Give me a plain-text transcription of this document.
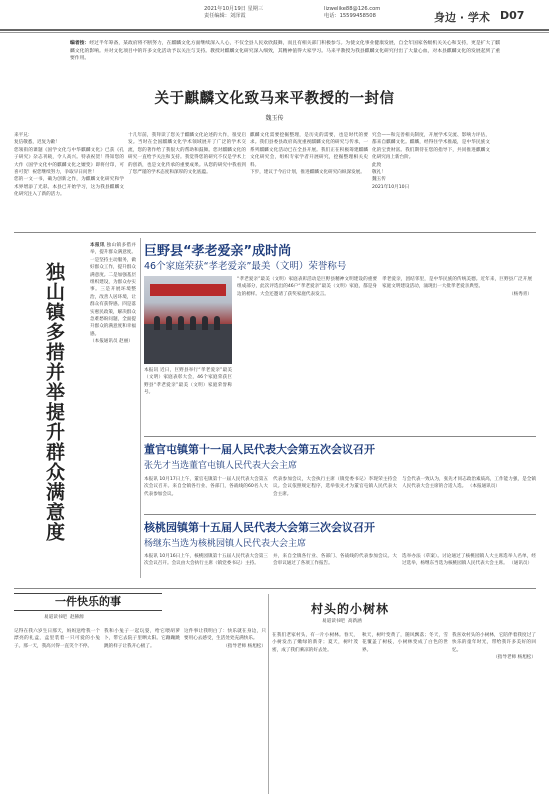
2021年10月19日 星期三
责任编辑：刘泽霞
lizwelike88@126.com
电话：15599458508	身边 · 学术 D07
编者按：经过半年筹备，某政府将不断努力，在麒麟文化方面继续深入人心，不仅全县人民欢欣鼓舞，而且有相关部门积极参与。为使文化事业健康发展，自全年国家各级机关关心和支持，更是扩大了麒麟文化的影响。并对文化项目中的许多文化活动予以关注与支持。教授对麒麟文化研究深入细致，其精神值得大家学习。马来平教授为我县麒麟文化研究付出了大量心血，对本县麒麟文化的发展起到了重要作用。
关于麒麟文化致马来平教授的一封信
魏玉传
来平兄：
复信敬悉，迟复为歉！
您领衔的课题《国学文化与中华麒麟文化》已获《孔子研究》杂志刊载，令人高兴。特表祝贺！得知您的大作《国学文化中的麒麟文化之嬗变》即将付印，可喜可贺！祝您继续努力，争取早日问世！
您的一文一书，确为创新之作，为麒麟文化研究和学术界增添了光彩。本县已开始学习，这为我县麒麟文化研究注入了新的活力。
十几年前，我拜读了您关于麒麟文化论述的大作，很受启发。当时在全国麒麟文化学术领域展开了广泛的学术交流，您的著作给了我很大的帮助和鼓舞。您对麒麟文化的研究一直给予关注和支持。我觉得您的研究不仅是学术上的创新，也是文化传承的重要成果。从您的研究中我看到了您严谨的学术态度和深厚的文化底蕴。
麒麟文化需要挖掘整理，是历史的需要，也是时代的要求。我们县委县政府高度重视麒麟文化的研究与传承，一系列麒麟文化活动已在全县开展。我们正在积极筹建麒麟文化研究会，组织专家学者开展研究，挖掘整理相关史料。
下步，建议于今后计划，推进麒麟文化研究向纵深发展。
究会——和完善相关制度，开展学术交流、影响力评估，都来自麒麟文化。麒麟，经得住学术推敲，是中华民族文化的宝贵财富。我们期待在您的指导下，共同推进麒麟文化研究再上新台阶。
此致
敬礼！
魏玉传
2021年10月10日
独山镇多措并举提升群众满意度
本报讯 独山镇多措并举，提升群众满意度。一是坚持主动服务，做好群众工作，提升群众满意度。二是加强基层组织建设，为群众办实事。三是开展环境整治，改善人居环境，让群众有获得感。四是落实惠民政策，解决群众急难愁盼问题，全面提升群众的满意度和幸福感。
（本报通讯员 赵丽）
巨野县“孝老爱亲”成时尚
46个家庭荣获“孝老爱亲”最美（文明）荣誉称号
本报讯 近日，巨野县举行“孝老爱亲”最美（文明）家庭表彰大会，46个家庭荣获巨野县“孝老爱亲”最美（文明）家庭荣誉称号。
“孝老爱亲”最美（文明）家庭表彰活动是巨野县精神文明建设的重要组成部分，此次评选出的46户“孝老爱亲”最美（文明）家庭，都是身边的榜样。大会还邀请了获奖家庭代表发言。
孝老爱亲，团结邻里，是中华民族的传统美德。近年来，巨野县广泛开展家庭文明建设活动，涌现出一大批孝老爱亲典型。

（杨秀青）
董官屯镇第十一届人民代表大会第五次会议召开
张先才当选董官屯镇人民代表大会主席
本报讯 10月17日上午，董官屯镇第十一届人民代表大会第五次会议召开。来自全镇各行业、各部门，各战线的60名人大代表参加会议。
代表参加会议，大会执行主席（镇党委书记）李现荣主持会议。会议依照规定程序，选举张先才为董官屯镇人民代表大会主席。
与会代表一致认为，张先才同志政治素质高，工作能力强，是全镇人民代表大会主席的合适人选。 （本报通讯员）
核桃园镇第十五届人民代表大会第三次会议召开
杨继东当选为核桃园镇人民代表大会主席
本报讯 10月16日上午，核桃园镇第十五届人民代表大会第三次会议召开。会议由大会执行主席（镇党委书记）主持。
并，来自全镇各行业、各部门、各战线的代表参加会议。大会审议通过了各项工作报告。
选举办法（草案）。讨论通过了核桃园镇人大主席选举人名单，经过选举，杨继东当选为核桃园镇人民代表大会主席。 （通讯员）
一件快乐的事
易道读书吧 赵赫源
记得在我六岁生日那天，妈妈送给我一个漂亮的礼盒，盒里装着一只可爱的小兔子。那一天，我高兴得一直笑个不停。
我和小兔子一起玩耍，给它喂胡萝卜，带它去院子里晒太阳。它蹦蹦跳跳的样子让我开心极了。
这件事让我明白了：快乐就在身边，只要用心去感受，生活处处充满快乐。

（指导老师 杨旭松）
村头的小树林
易道读书吧 高新涵
在我们老家村头，有一片小树林。春天，小树发出了嫩绿的新芽；夏天，树叶茂密，成了我们乘凉的好去处。
秋天，树叶变黄了，随风飘落；冬天，雪花覆盖了树枝，小树林变成了白色的世界。
我喜欢村头的小树林，它陪伴着我度过了快乐的童年时光，带给我许多美好的回忆。

（指导老师 杨旭松）
